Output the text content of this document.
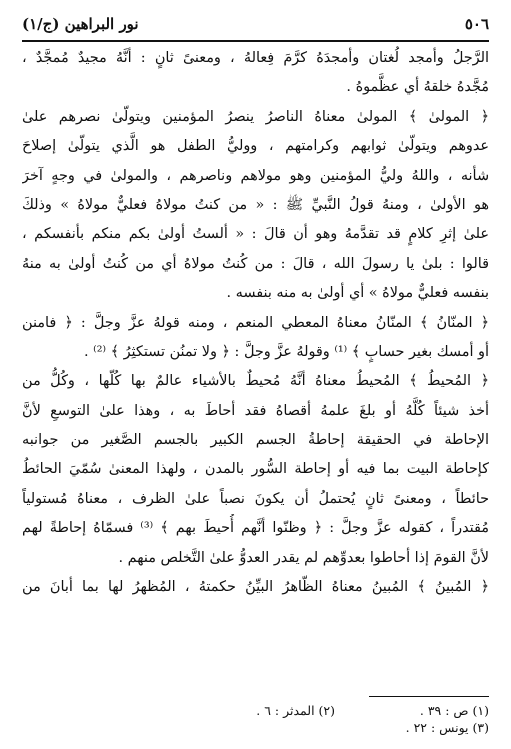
٥٠٦
نور البراهين (ج/١)
الرَّجلُ وأمجد لُغتان وأمجدَهُ كرَّمَ فِعالهُ ، ومعنىً ثانٍ : أنَّهُ مجيدٌ مُمجَّدٌ ،
مُجَّدهُ خلقهُ أي عظَّموهُ .
﴿ المولىٰ ﴾ المولىٰ معناهُ الناصرُ ينصرُ المؤمنين ويتولّىٰ نصرهم علىٰ
عدوهم ويتولّىٰ ثوابهم وكرامتهم ، ووليُّ الطفل هو الَّذي يتولّىٰ إصلاحَ
شأنه ، واللهُ وليُّ المؤمنين وهو مولاهم وناصرهم ، والمولىٰ في وجهٍ آخرَ
هو الأولىٰ ، ومنهُ قولُ النَّبيِّ ﷺ : « من كنتُ مولاهُ فعليٌّ مولاهُ » وذلكَ
علىٰ إثرِ كلامٍ قد تقدَّمهُ وهو أن قالَ : « ألستُ أولىٰ بكم منكم بأنفسكم ،
قالوا : بلىٰ يا رسولَ الله ، قالَ : من كُنتُ مولاهُ أي من كُنتُ أولىٰ به منهُ
بنفسه فعليٌّ مولاهُ » أي أولىٰ به منه بنفسه .
﴿ المنّانُ ﴾ المنّانُ معناهُ المعطي المنعم ، ومنه قولهُ عزَّ وجلَّ : ﴿ فامنن
أو أمسك بغير حسابٍ ﴾ ⁽¹⁾ وقولهُ عزَّ وجلَّ : ﴿ ولا تمنُن تستكثِرُ ﴾ ⁽²⁾ .
﴿ المُحيطُ ﴾ المُحيطُ معناهُ أنَّهُ مُحيطٌ بالأشياء عالمٌ بها كُلّها ، وكُلُّ من
أخذ شيئاً كُلَّهُ أو بلغَ علمهُ أقصاهُ فقد أحاطَ به ، وهذا علىٰ التوسعِ لأنَّ
الإحاطة في الحقيقة إحاطةُ الجسم الكبير بالجسم الصَّغير من جوانبه
كإحاطة البيت بما فيه أو إحاطة السُّور بالمدن ، ولهذا المعنىٰ سُمّيَ الحائطُ
حائطاً ، ومعنىً ثانٍ يُحتملُ أن يكونَ نصباً علىٰ الظرف ، معناهُ مُستولياً
مُقتدراً ، كقوله عزَّ وجلَّ : ﴿ وظنّوا أنَّهم أُحيطَ بهم ﴾ ⁽³⁾ فسمّاهُ إحاطةً لهم
لأنَّ القومَ إذا أحاطوا بعدوِّهم لم يقدر العدوُّ علىٰ التَّخلص منهم .
﴿ المُبينُ ﴾ المُبينُ معناهُ الظّاهرُ البيِّنُ حكمتهُ ، المُظهرُ لها بما أبانَ من
(١) ص : ٣٩ . (٢) المدثر : ٦ .
(٣) يونس : ٢٢ .
